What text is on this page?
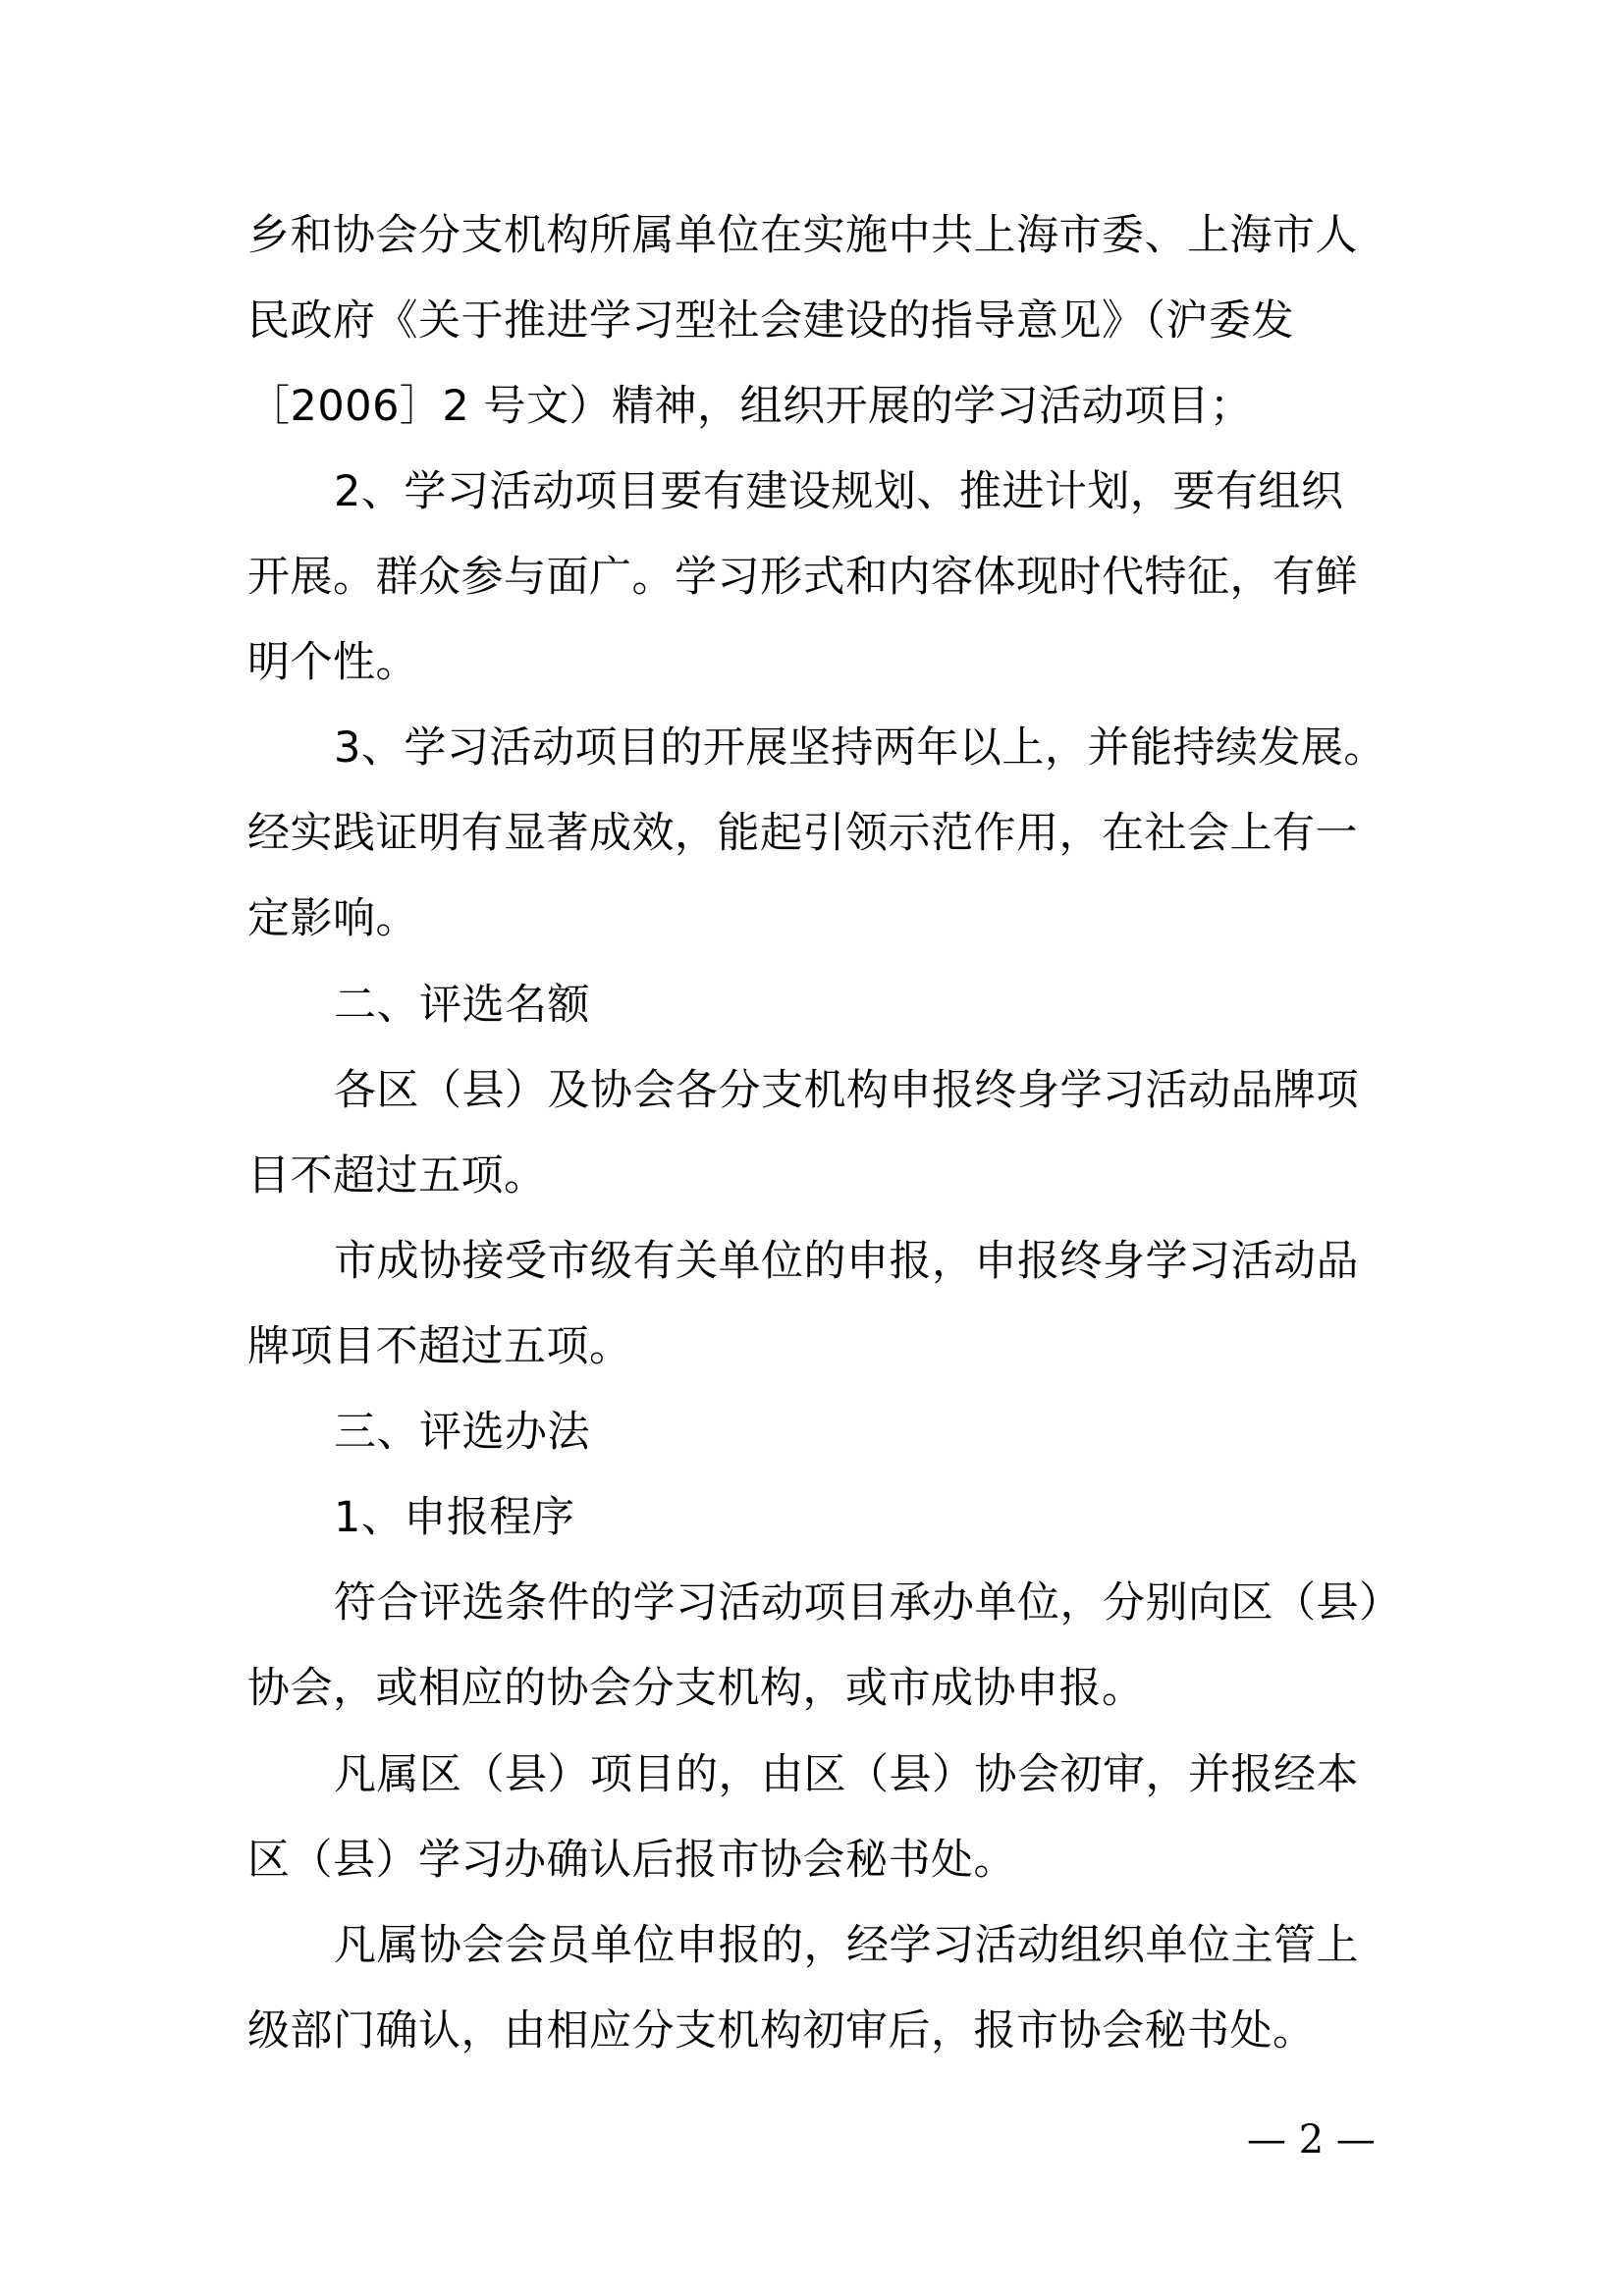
乡和协会分支机构所属单位在实施中共上海市委、上海市人
民政府《关于推进学习型社会建设的指导意见》（沪委发
［2006］2 号文）精神，组织开展的学习活动项目；
2、学习活动项目要有建设规划、推进计划，要有组织
开展。群众参与面广。学习形式和内容体现时代特征，有鲜
明个性。
3、学习活动项目的开展坚持两年以上，并能持续发展。
经实践证明有显著成效，能起引领示范作用，在社会上有一
定影响。
二、评选名额
各区（县）及协会各分支机构申报终身学习活动品牌项
目不超过五项。
市成协接受市级有关单位的申报，申报终身学习活动品
牌项目不超过五项。
三、评选办法
1、申报程序
符合评选条件的学习活动项目承办单位，分别向区（县）
协会，或相应的协会分支机构，或市成协申报。
凡属区（县）项目的，由区（县）协会初审，并报经本
区（县）学习办确认后报市协会秘书处。
凡属协会会员单位申报的，经学习活动组织单位主管上
级部门确认，由相应分支机构初审后，报市协会秘书处。
— 2 —
